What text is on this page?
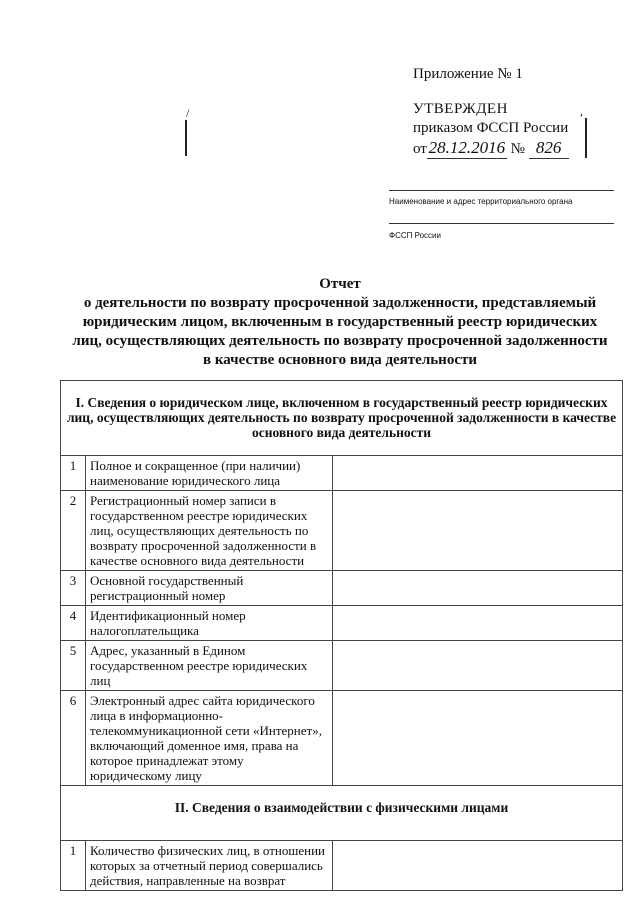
/
Приложение № 1
УТВЕРЖДЕН	,
приказом ФССП России
от 28.12.2016 № 826
Наименование и адрес территориального органа
ФССП России
Отчет
о деятельности по возврату просроченной задолженности, представляемый
юридическим лицом, включенным в государственный реестр юридических
лиц, осуществляющих деятельность по возврату просроченной задолженности
в качестве основного вида деятельности
I. Сведения о юридическом лице, включенном в государственный реестр юридических лиц, осуществляющих деятельность по возврату просроченной задолженности в качестве основного вида деятельности		
1	Полное и сокращенное (при наличии) наименование юридического лица	
2	Регистрационный номер записи в государственном реестре юридических лиц, осуществляющих деятельность по возврату просроченной задолженности в качестве основного вида деятельности	
3	Основной государственный регистрационный номер	
4	Идентификационный номер налогоплательщика	
5	Адрес, указанный в Едином государственном реестре юридических лиц	
6	Электронный адрес сайта юридического лица в информационно-телекоммуникационной сети «Интернет», включающий доменное имя, права на которое принадлежат этому юридическому лицу	
II. Сведения о взаимодействии с физическими лицами		
1	Количество физических лиц, в отношении которых за отчетный период совершались действия, направленные на возврат	
